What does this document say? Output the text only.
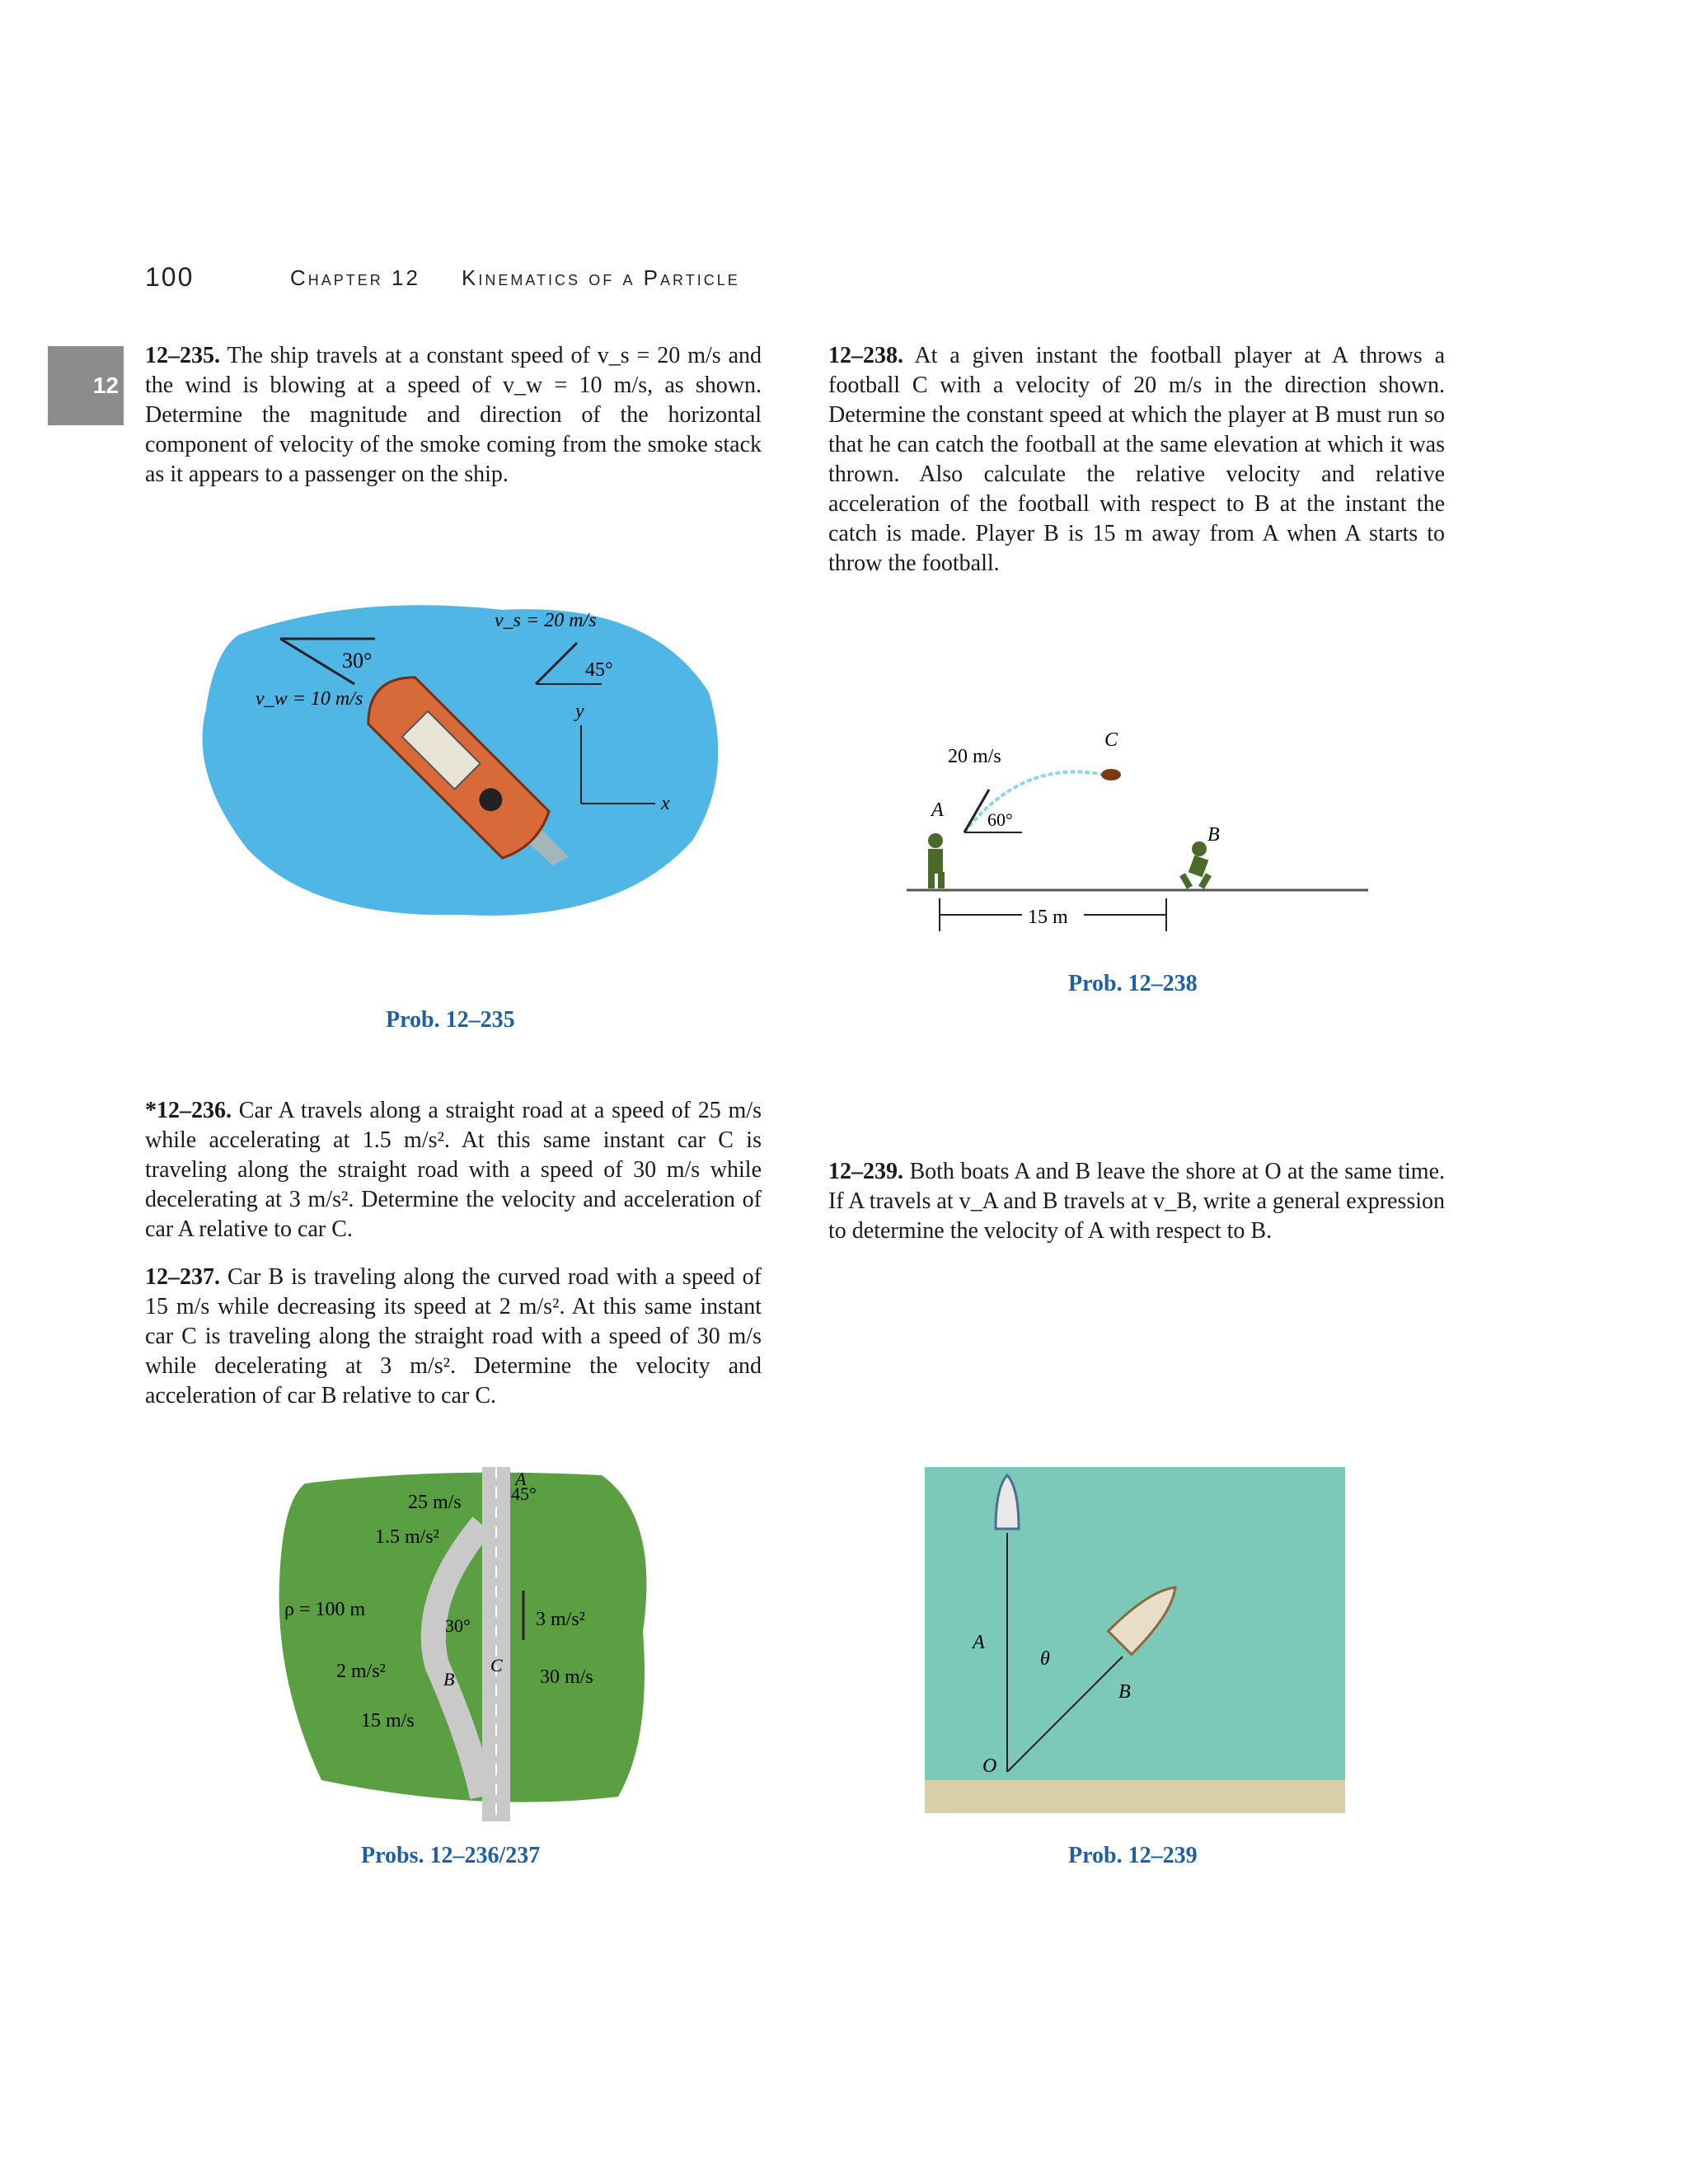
100	Chapter 12 Kinematics of a Particle
12
12–235. The ship travels at a constant speed of v_s = 20 m/s and the wind is blowing at a speed of v_w = 10 m/s, as shown. Determine the magnitude and direction of the horizontal component of velocity of the smoke coming from the smoke stack as it appears to a passenger on the ship.
12–238. At a given instant the football player at A throws a football C with a velocity of 20 m/s in the direction shown. Determine the constant speed at which the player at B must run so that he can catch the football at the same elevation at which it was thrown. Also calculate the relative velocity and relative acceleration of the football with respect to B at the instant the catch is made. Player B is 15 m away from A when A starts to throw the football.
30°
v_w = 10 m/s
45°
v_s = 20 m/s
y
x
Prob. 12–235
C
20 m/s
60°
A
B
15 m
Prob. 12–238
*12–236. Car A travels along a straight road at a speed of 25 m/s while accelerating at 1.5 m/s². At this same instant car C is traveling along the straight road with a speed of 30 m/s while decelerating at 3 m/s². Determine the velocity and acceleration of car A relative to car C.
12–237. Car B is traveling along the curved road with a speed of 15 m/s while decreasing its speed at 2 m/s². At this same instant car C is traveling along the straight road with a speed of 30 m/s while decelerating at 3 m/s². Determine the velocity and acceleration of car B relative to car C.
12–239. Both boats A and B leave the shore at O at the same time. If A travels at v_A and B travels at v_B, write a general expression to determine the velocity of A with respect to B.
25 m/s
1.5 m/s²
45°
A
ρ = 100 m
30°
2 m/s²
15 m/s
B
C
3 m/s²
30 m/s
Probs. 12–236/237
A
θ
B
O
Prob. 12–239
